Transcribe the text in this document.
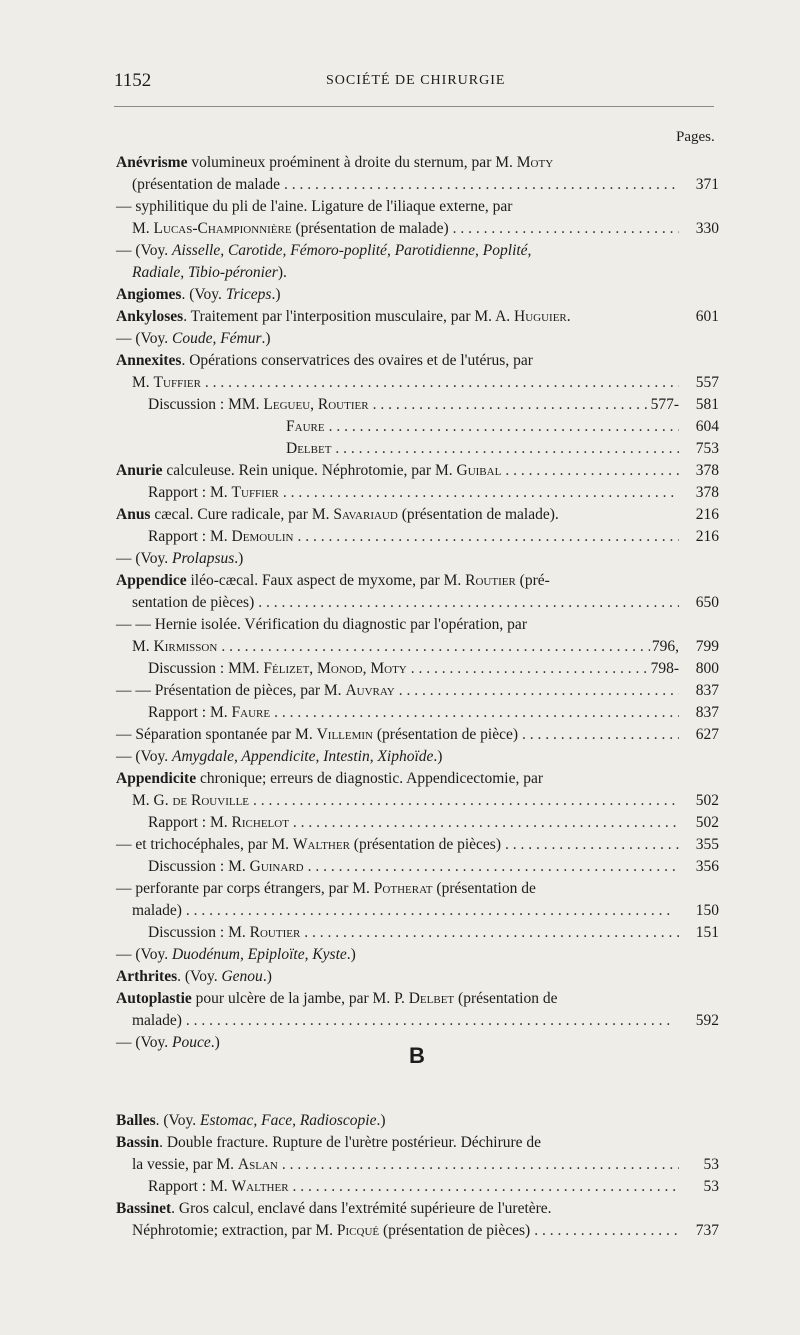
1152	SOCIÉTÉ DE CHIRURGIE
Pages.
Anévrisme volumineux proéminent à droite du sternum, par M. Moty
(présentation de malade . . .	371
— syphilitique du pli de l'aine. Ligature de l'iliaque externe, par
M. Lucas-Championnière (présentation de malade) . . .	330
— (Voy. Aisselle, Carotide, Fémoro-poplité, Parotidienne, Poplité,
Radiale, Tibio-péronier).
Angiomes. (Voy. Triceps.)
Ankyloses. Traitement par l'interposition musculaire, par M. A. Huguier.	601
— (Voy. Coude, Fémur.)
Annexites. Opérations conservatrices des ovaires et de l'utérus, par
M. Tuffier . . .	557
Discussion : MM. Legueu, Routier . . .	577-	581
Faure . . .	604
Delbet . . .	753
Anurie calculeuse. Rein unique. Néphrotomie, par M. Guibal . . .	378
Rapport : M. Tuffier . . .	378
Anus cæcal. Cure radicale, par M. Savariaud (présentation de malade).	216
Rapport : M. Demoulin . . .	216
— (Voy. Prolapsus.)
Appendice iléo-cæcal. Faux aspect de myxome, par M. Routier (pré-
sentation de pièces) . . .	650
— — Hernie isolée. Vérification du diagnostic par l'opération, par
M. Kirmisson . . .	796,	799
Discussion : MM. Félizet, Monod, Moty . . .	798-	800
— — Présentation de pièces, par M. Auvray . . .	837
Rapport : M. Faure . . .	837
— Séparation spontanée par M. Villemin (présentation de pièce) . . .	627
— (Voy. Amygdale, Appendicite, Intestin, Xiphoïde.)
Appendicite chronique; erreurs de diagnostic. Appendicectomie, par
M. G. de Rouville . . .	502
Rapport : M. Richelot . . .	502
— et trichocéphales, par M. Walther (présentation de pièces) . . .	355
Discussion : M. Guinard . . .	356
— perforante par corps étrangers, par M. Potherat (présentation de
malade) . . .	150
Discussion : M. Routier . . .	151
— (Voy. Duodénum, Epiploïte, Kyste.)
Arthrites. (Voy. Genou.)
Autoplastie pour ulcère de la jambe, par M. P. Delbet (présentation de
malade) . . .	592
— (Voy. Pouce.)
B
Balles. (Voy. Estomac, Face, Radioscopie.)
Bassin. Double fracture. Rupture de l'urètre postérieur. Déchirure de
la vessie, par M. Aslan . . .	53
Rapport : M. Walther . . .	53
Bassinet. Gros calcul, enclavé dans l'extrémité supérieure de l'uretère.
Néphrotomie; extraction, par M. Picqué (présentation de pièces) . . .	737
